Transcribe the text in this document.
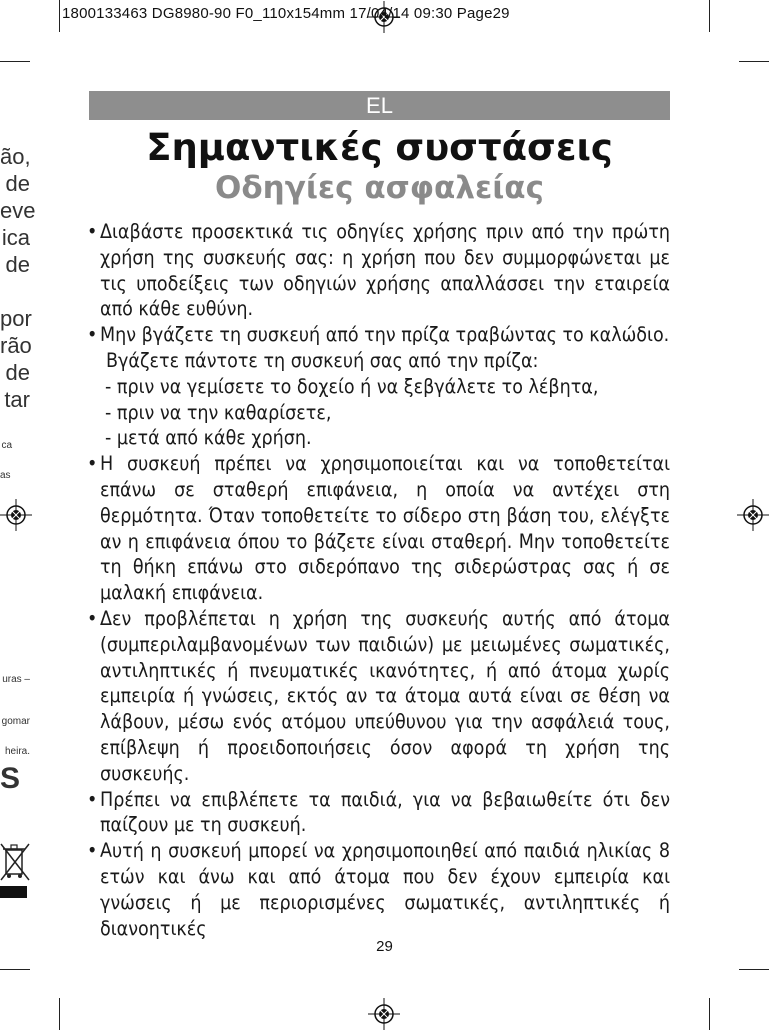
1800133463 DG8980-90 F0_110x154mm 17/04/14 09:30 Page29
ão,
de
eve
ica
de
por
rão
de
tar
ca
as
uras –
gomar
heira.
S
EL
Σημαντικές συστάσεις
Οδηγίες ασφαλείας

• Διαβάστε προσεκτικά τις οδηγίες χρήσης πριν από την πρώτη χρήση της συσκευής σας: η χρήση που δεν συμμορφώνεται με τις υποδείξεις των οδηγιών χρήσης απαλλάσσει την εταιρεία από κάθε ευθύνη.

• Μην βγάζετε τη συσκευή από την πρίζα τραβώντας το καλώδιο.

Βγάζετε πάντοτε τη συσκευή σας από την πρίζα:

- πριν να γεμίσετε το δοχείο ή να ξεβγάλετε το λέβητα,

- πριν να την καθαρίσετε,

- μετά από κάθε χρήση.

• Η συσκευή πρέπει να χρησιμοποιείται και να τοποθετείται επάνω σε σταθερή επιφάνεια, η οποία να αντέχει στη θερμότητα. Όταν τοποθετείτε το σίδερο στη βάση του, ελέγξτε αν η επιφάνεια όπου το βάζετε είναι σταθερή. Μην τοποθετείτε τη θήκη επάνω στο σιδερόπανο της σιδερώστρας σας ή σε μαλακή επιφάνεια.

• Δεν προβλέπεται η χρήση της συσκευής αυτής από άτομα (συμπεριλαμβανομένων των παιδιών) με μειωμένες σωματικές, αντιληπτικές ή πνευματικές ικανότητες, ή από άτομα χωρίς εμπειρία ή γνώσεις, εκτός αν τα άτομα αυτά είναι σε θέση να λάβουν, μέσω ενός ατόμου υπεύθυνου για την ασφάλειά τους, επίβλεψη ή προειδοποιήσεις όσον αφορά τη χρήση της συσκευής.

• Πρέπει να επιβλέπετε τα παιδιά, για να βεβαιωθείτε ότι δεν παίζουν με τη συσκευή.

• Αυτή η συσκευή μπορεί να χρησιμοποιηθεί από παιδιά ηλικίας 8 ετών και άνω και από άτομα που δεν έχουν εμπειρία και γνώσεις ή με περιορισμένες σωματικές, αντιληπτικές ή διανοητικές

29
